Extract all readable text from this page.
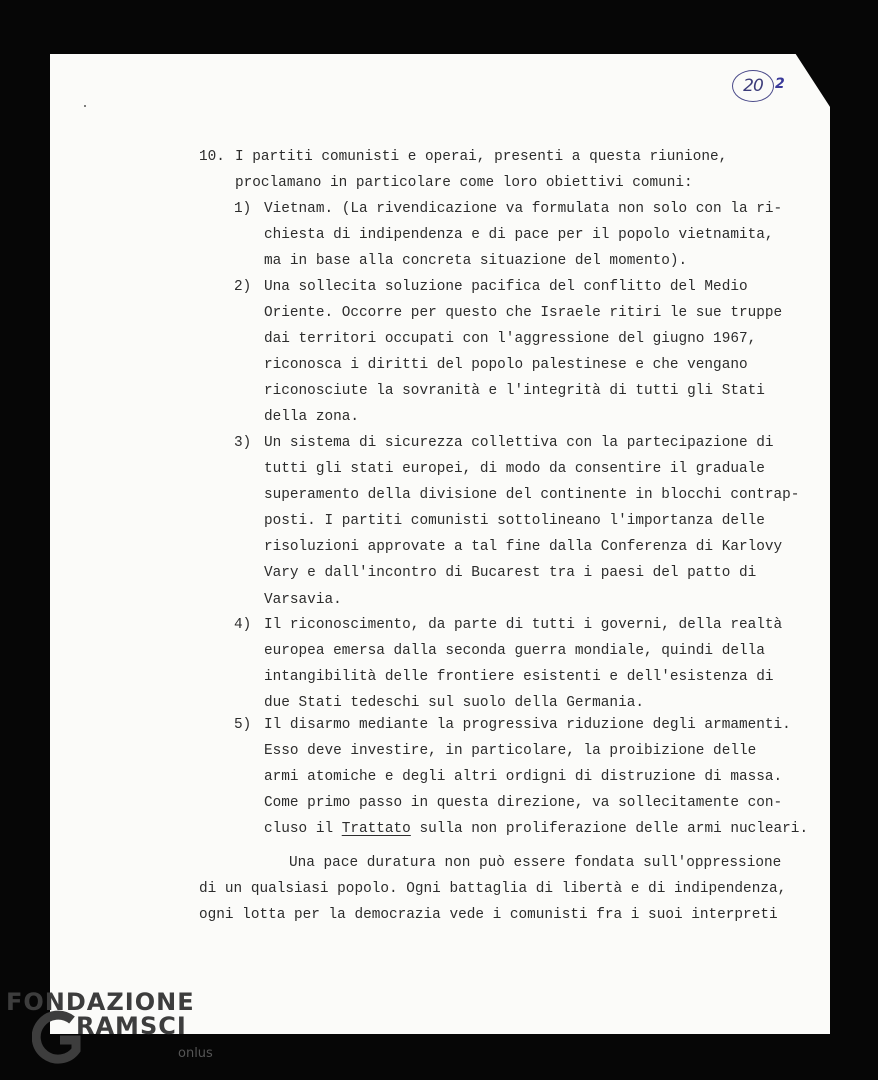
20 2
10. I partiti comunisti e operai, presenti a questa riunione,
proclamano in particolare come loro obiettivi comuni:
1) Vietnam. (La rivendicazione va formulata non solo con la ri-
chiesta di indipendenza e di pace per il popolo vietnamita,
ma in base alla concreta situazione del momento).
2) Una sollecita soluzione pacifica del conflitto del Medio
Oriente. Occorre per questo che Israele ritiri le sue truppe
dai territori occupati con l'aggressione del giugno 1967,
riconosca i diritti del popolo palestinese e che vengano
riconosciute la sovranità e l'integrità di tutti gli Stati
della zona.
3) Un sistema di sicurezza collettiva con la partecipazione di
tutti gli stati europei, di modo da consentire il graduale
superamento della divisione del continente in blocchi contrap-
posti. I partiti comunisti sottolineano l'importanza delle
risoluzioni approvate a tal fine dalla Conferenza di Karlovy
Vary e dall'incontro di Bucarest tra i paesi del patto di
Varsavia.
4) Il riconoscimento, da parte di tutti i governi, della realtà
europea emersa dalla seconda guerra mondiale, quindi della
intangibilità delle frontiere esistenti e dell'esistenza di
due Stati tedeschi sul suolo della Germania.
5) Il disarmo mediante la progressiva riduzione degli armamenti.
Esso deve investire, in particolare, la proibizione delle
armi atomiche e degli altri ordigni di distruzione di massa.
Come primo passo in questa direzione, va sollecitamente con-
cluso il Trattato sulla non proliferazione delle armi nucleari.
Una pace duratura non può essere fondata sull'oppressione
di un qualsiasi popolo. Ogni battaglia di libertà e di indipendenza,
ogni lotta per la democrazia vede i comunisti fra i suoi interpreti
FONDAZIONE
RAMSCI
onlus
